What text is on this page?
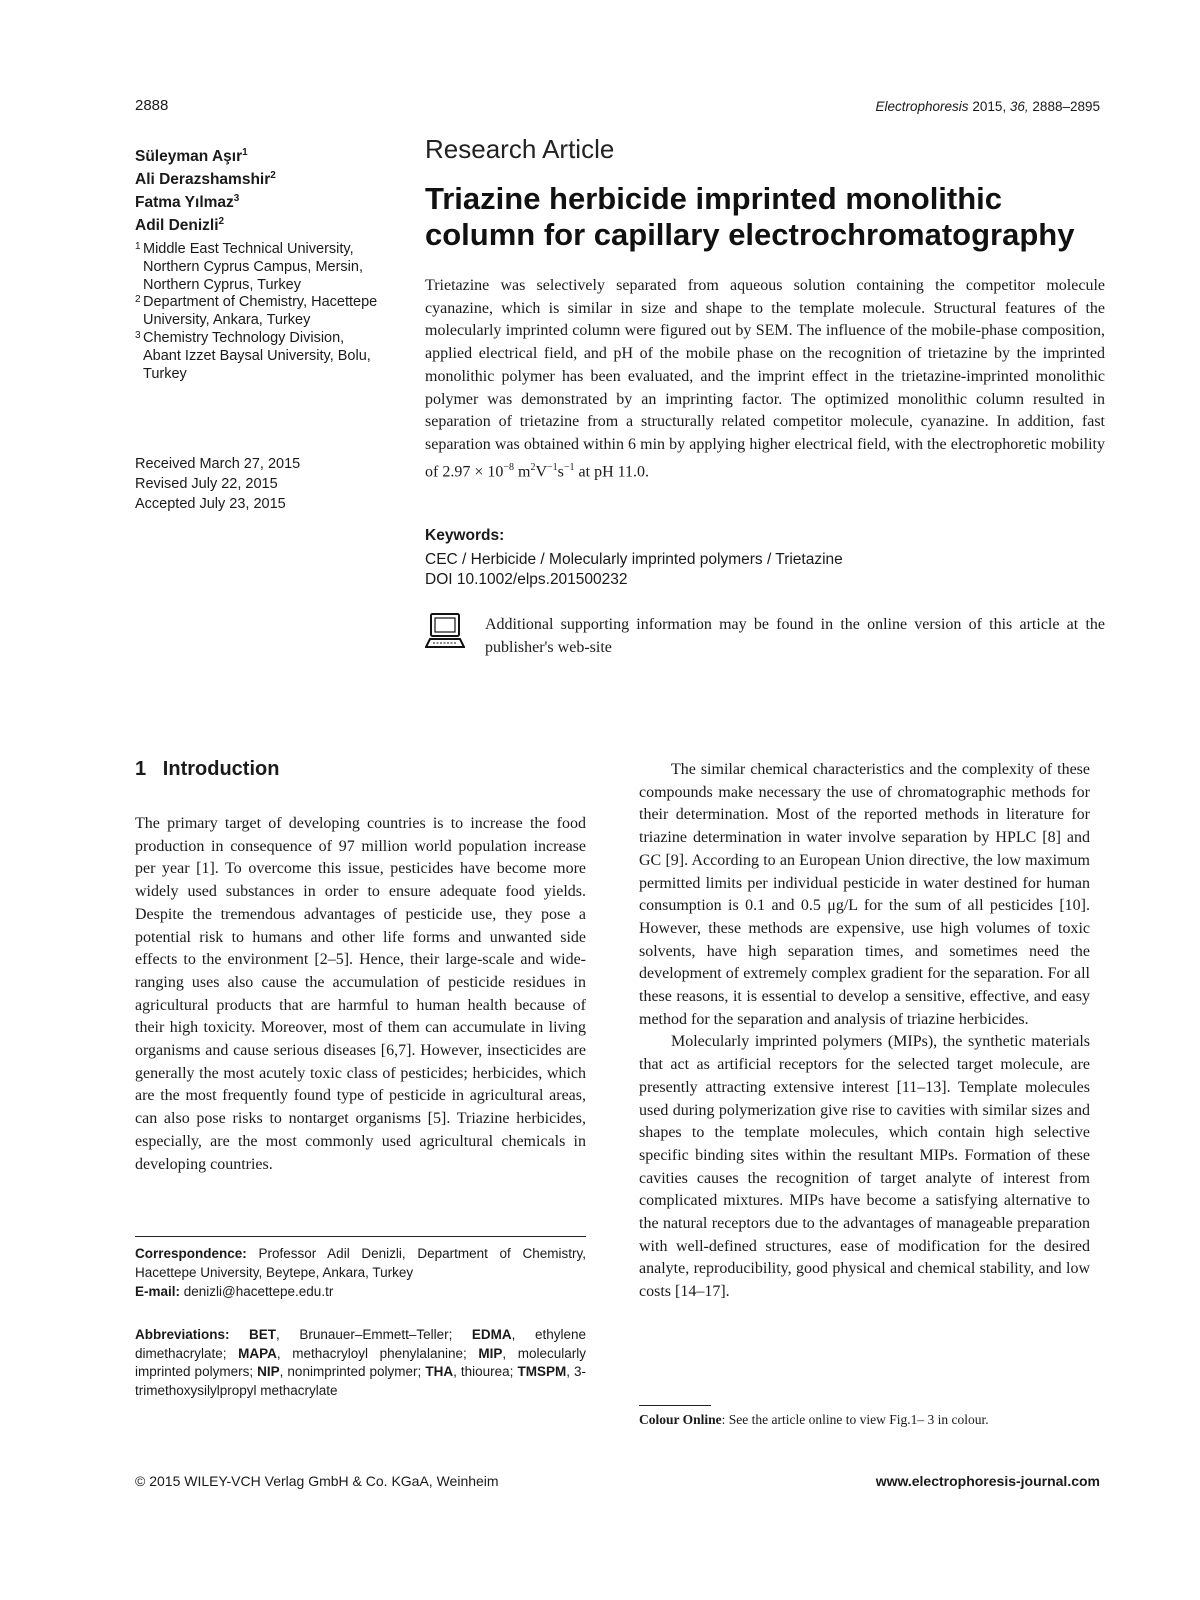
2888	Electrophoresis 2015, 36, 2888–2895
Süleyman Aşır$^1$
Ali Derazshamshir$^2$
Fatma Yılmaz$^3$
Adil Denizli$^2$
1 Middle East Technical University, Northern Cyprus Campus, Mersin, Northern Cyprus, Turkey
2 Department of Chemistry, Hacettepe University, Ankara, Turkey
3 Chemistry Technology Division, Abant Izzet Baysal University, Bolu, Turkey
Received March 27, 2015
Revised July 22, 2015
Accepted July 23, 2015
Research Article
Triazine herbicide imprinted monolithic
column for capillary electrochromatography
Trietazine was selectively separated from aqueous solution containing the competitor molecule cyanazine, which is similar in size and shape to the template molecule. Structural features of the molecularly imprinted column were figured out by SEM. The influence of the mobile-phase composition, applied electrical field, and pH of the mobile phase on the recognition of trietazine by the imprinted monolithic polymer has been evaluated, and the imprint effect in the trietazine-imprinted monolithic polymer was demonstrated by an imprinting factor. The optimized monolithic column resulted in separation of trietazine from a structurally related competitor molecule, cyanazine. In addition, fast separation was obtained within 6 min by applying higher electrical field, with the electrophoretic mobility of $2.97 \times 10^{-8}$ $m^2V^{-1}s^{-1}$ at pH 11.0.
Keywords:
CEC / Herbicide / Molecularly imprinted polymers / Trietazine
DOI 10.1002/elps.201500232
Additional supporting information may be found in the online version of this article at the publisher's web-site
1 Introduction

The primary target of developing countries is to increase the food production in consequence of 97 million world population increase per year [1]. To overcome this issue, pesticides have become more widely used substances in order to ensure adequate food yields. Despite the tremendous advantages of pesticide use, they pose a potential risk to humans and other life forms and unwanted side effects to the environment [2–5]. Hence, their large-scale and wide-ranging uses also cause the accumulation of pesticide residues in agricultural products that are harmful to human health because of their high toxicity. Moreover, most of them can accumulate in living organisms and cause serious diseases [6,7]. However, insecticides are generally the most acutely toxic class of pesticides; herbicides, which are the most frequently found type of pesticide in agricultural areas, can also pose risks to nontarget organisms [5]. Triazine herbicides, especially, are the most commonly used agricultural chemicals in developing countries.

The similar chemical characteristics and the complexity of these compounds make necessary the use of chromatographic methods for their determination. Most of the reported methods in literature for triazine determination in water involve separation by HPLC [8] and GC [9]. According to an European Union directive, the low maximum permitted limits per individual pesticide in water destined for human consumption is 0.1 and 0.5 μg/L for the sum of all pesticides [10]. However, these methods are expensive, use high volumes of toxic solvents, have high separation times, and sometimes need the development of extremely complex gradient for the separation. For all these reasons, it is essential to develop a sensitive, effective, and easy method for the separation and analysis of triazine herbicides.

Molecularly imprinted polymers (MIPs), the synthetic materials that act as artificial receptors for the selected target molecule, are presently attracting extensive interest [11–13]. Template molecules used during polymerization give rise to cavities with similar sizes and shapes to the template molecules, which contain high selective specific binding sites within the resultant MIPs. Formation of these cavities causes the recognition of target analyte of interest from complicated mixtures. MIPs have become a satisfying alternative to the natural receptors due to the advantages of manageable preparation with well-defined structures, ease of modification for the desired analyte, reproducibility, good physical and chemical stability, and low costs [14–17].

Correspondence: Professor Adil Denizli, Department of Chemistry, Hacettepe University, Beytepe, Ankara, Turkey
E-mail: denizli@hacettepe.edu.tr
Abbreviations: BET, Brunauer–Emmett–Teller; EDMA, ethylene dimethacrylate; MAPA, methacryloyl phenylalanine; MIP, molecularly imprinted polymers; NIP, nonimprinted polymer; THA, thiourea; TMSPM, 3-trimethoxysilylpropyl methacrylate
Colour Online: See the article online to view Fig.1– 3 in colour.
© 2015 WILEY-VCH Verlag GmbH & Co. KGaA, Weinheim	www.electrophoresis-journal.com
